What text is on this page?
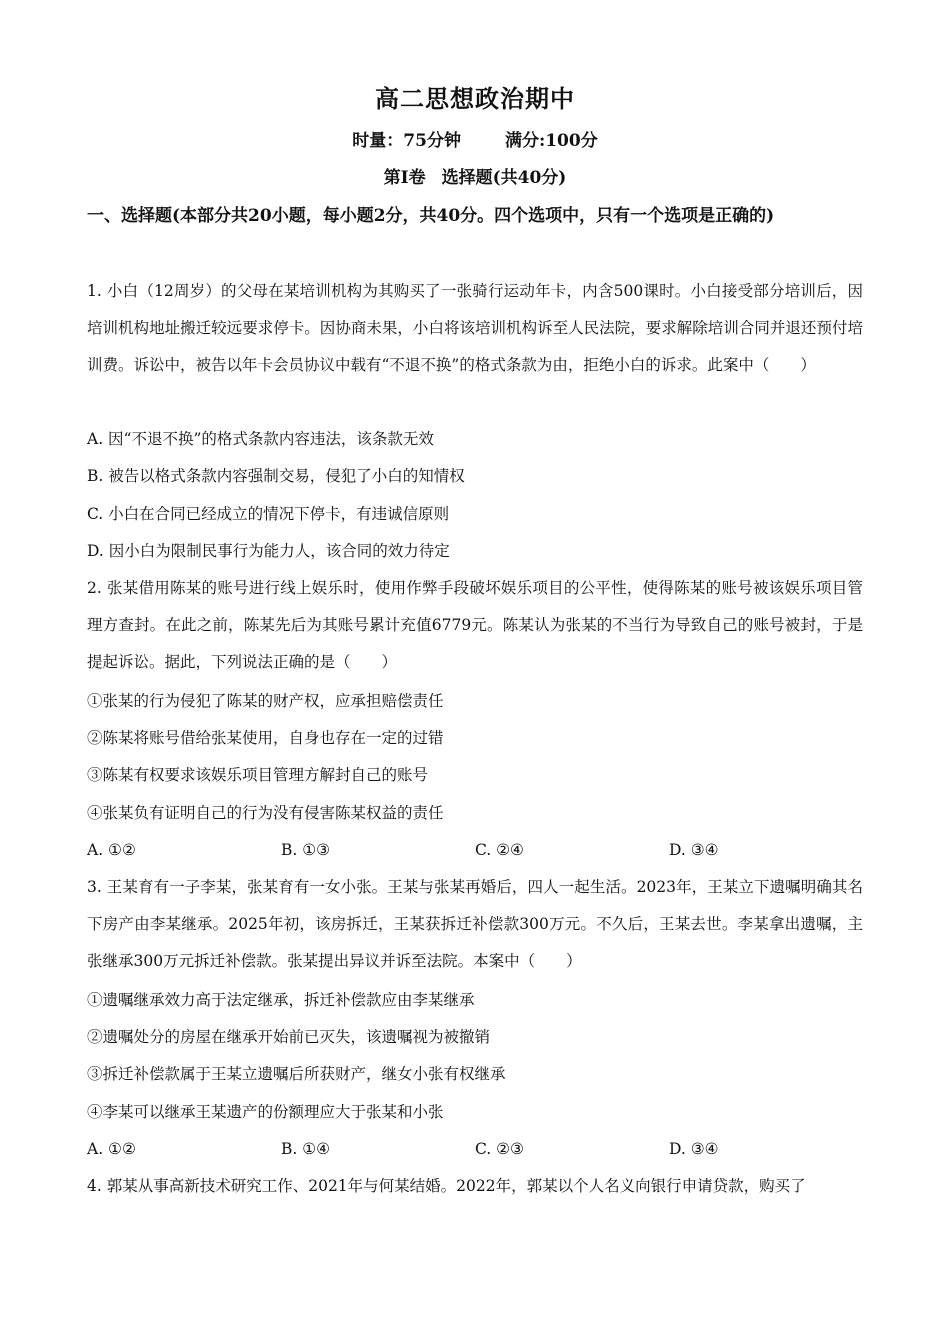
高二思想政治期中
时量：75分钟	满分:100分
第Ⅰ卷 选择题(共40分)
一、选择题(本部分共20小题，每小题2分，共40分。四个选项中，只有一个选项是正确的)
1. 小白（12周岁）的父母在某培训机构为其购买了一张骑行运动年卡，内含500课时。小白接受部分培训后，因培训机构地址搬迁较远要求停卡。因协商未果，小白将该培训机构诉至人民法院，要求解除培训合同并退还预付培训费。诉讼中，被告以年卡会员协议中载有“不退不换”的格式条款为由，拒绝小白的诉求。此案中（　　）
A. 因“不退不换”的格式条款内容违法，该条款无效
B. 被告以格式条款内容强制交易，侵犯了小白的知情权
C. 小白在合同已经成立的情况下停卡，有违诚信原则
D. 因小白为限制民事行为能力人，该合同的效力待定
2. 张某借用陈某的账号进行线上娱乐时，使用作弊手段破坏娱乐项目的公平性，使得陈某的账号被该娱乐项目管理方查封。在此之前，陈某先后为其账号累计充值6779元。陈某认为张某的不当行为导致自己的账号被封，于是提起诉讼。据此，下列说法正确的是（　　）
①张某的行为侵犯了陈某的财产权，应承担赔偿责任
②陈某将账号借给张某使用，自身也存在一定的过错
③陈某有权要求该娱乐项目管理方解封自己的账号
④张某负有证明自己的行为没有侵害陈某权益的责任
A. ①②	B. ①③	C. ②④	D. ③④
3. 王某育有一子李某，张某育有一女小张。王某与张某再婚后，四人一起生活。2023年，王某立下遗嘱明确其名下房产由李某继承。2025年初，该房拆迁，王某获拆迁补偿款300万元。不久后，王某去世。李某拿出遗嘱，主张继承300万元拆迁补偿款。张某提出异议并诉至法院。本案中（　　）
①遗嘱继承效力高于法定继承，拆迁补偿款应由李某继承
②遗嘱处分的房屋在继承开始前已灭失，该遗嘱视为被撤销
③拆迁补偿款属于王某立遗嘱后所获财产，继女小张有权继承
④李某可以继承王某遗产的份额理应大于张某和小张
A. ①②	B. ①④	C. ②③	D. ③④
4. 郭某从事高新技术研究工作、2021年与何某结婚。2022年，郭某以个人名义向银行申请贷款，购买了
